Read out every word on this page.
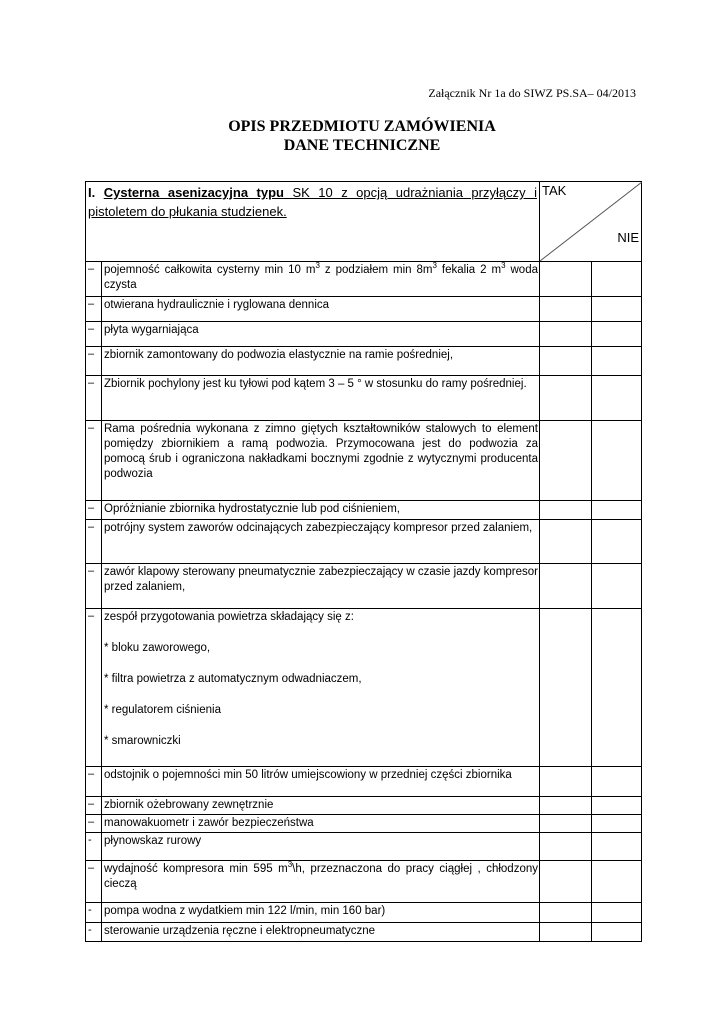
Załącznik Nr 1a do SIWZ PS.SA– 04/2013
OPIS PRZEDMIOTU ZAMÓWIENIA
DANE TECHNICZNE
I. Cysterna asenizacyjna typu SK 10 z opcją udrażniania przyłączy i pistoletem do płukania studzienek.		TAK
NIE

–	pojemność całkowita cysterny min 10 $m^3$ z podziałem $\min 8m^3$ fekalia 2 $m^3$ woda czysta	

–	otwierana hydraulicznie i ryglowana dennica	

–	płyta wygarniająca	

–	zbiornik zamontowany do podwozia elastycznie na ramie pośredniej,	

–	Zbiornik pochylony jest ku tyłowi pod kątem 3 – 5 ° w stosunku do ramy pośredniej.	

–	Rama pośrednia wykonana z zimno giętych kształtowników stalowych to element pomiędzy zbiornikiem a ramą podwozia. Przymocowana jest do podwozia za pomocą śrub i ograniczona nakładkami bocznymi zgodnie z wytycznymi producenta podwozia	

–	Opróżnianie zbiornika hydrostatycznie lub pod ciśnieniem,	

–	potrójny system zaworów odcinających zabezpieczający kompresor przed zalaniem,	

–	zawór klapowy sterowany pneumatycznie zabezpieczający w czasie jazdy kompresor przed zalaniem,	

–	zespół przygotowania powietrza składający się z:
* bloku zaworowego,
* filtra powietrza z automatycznym odwadniaczem,
* regulatorem ciśnienia
* smarowniczki	

–	odstojnik o pojemności min 50 litrów umiejscowiony w przedniej części zbiornika	

–	zbiornik ożebrowany zewnętrznie	

–	manowakuometr i zawór bezpieczeństwa	

-	płynowskaz rurowy	

–	wydajność kompresora min 595 $m^3\backslash h$, przeznaczona do pracy ciągłej , chłodzony cieczą	

-	pompa wodna z wydatkiem min 122 l/min, min 160 bar)	

-	sterowanie urządzenia ręczne i elektropneumatyczne	
